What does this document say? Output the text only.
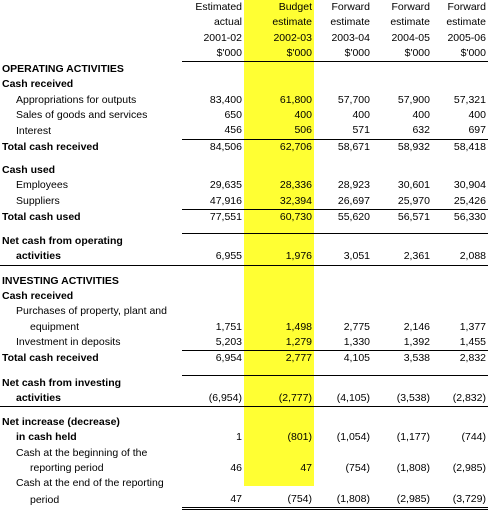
	Estimated	Budget	Forward	Forward	Forward
	actual	estimate	estimate	estimate	estimate
	2001-02	2002-03	2003-04	2004-05	2005-06
	$'000	$'000	$'000	$'000	$'000
OPERATING ACTIVITIES					
Cash received					
Appropriations for outputs	83,400	61,800	57,700	57,900	57,321
Sales of goods and services	650	400	400	400	400
Interest	456	506	571	632	697
Total cash received	84,506	62,706	58,671	58,932	58,418

Cash used					
Employees	29,635	28,336	28,923	30,601	30,904
Suppliers	47,916	32,394	26,697	25,970	25,426
Total cash used	77,551	60,730	55,620	56,571	56,330

Net cash from operating					
activities	6,955	1,976	3,051	2,361	2,088

INVESTING ACTIVITIES					
Cash received					
Purchases of property, plant and					
equipment	1,751	1,498	2,775	2,146	1,377
Investment in deposits	5,203	1,279	1,330	1,392	1,455
Total cash received	6,954	2,777	4,105	3,538	2,832

Net cash from investing					
activities	(6,954)	(2,777)	(4,105)	(3,538)	(2,832)

Net increase (decrease)					
in cash held	1	(801)	(1,054)	(1,177)	(744)
Cash at the beginning of the					
reporting period	46	47	(754)	(1,808)	(2,985)
Cash at the end of the reporting					
period	47	(754)	(1,808)	(2,985)	(3,729)
